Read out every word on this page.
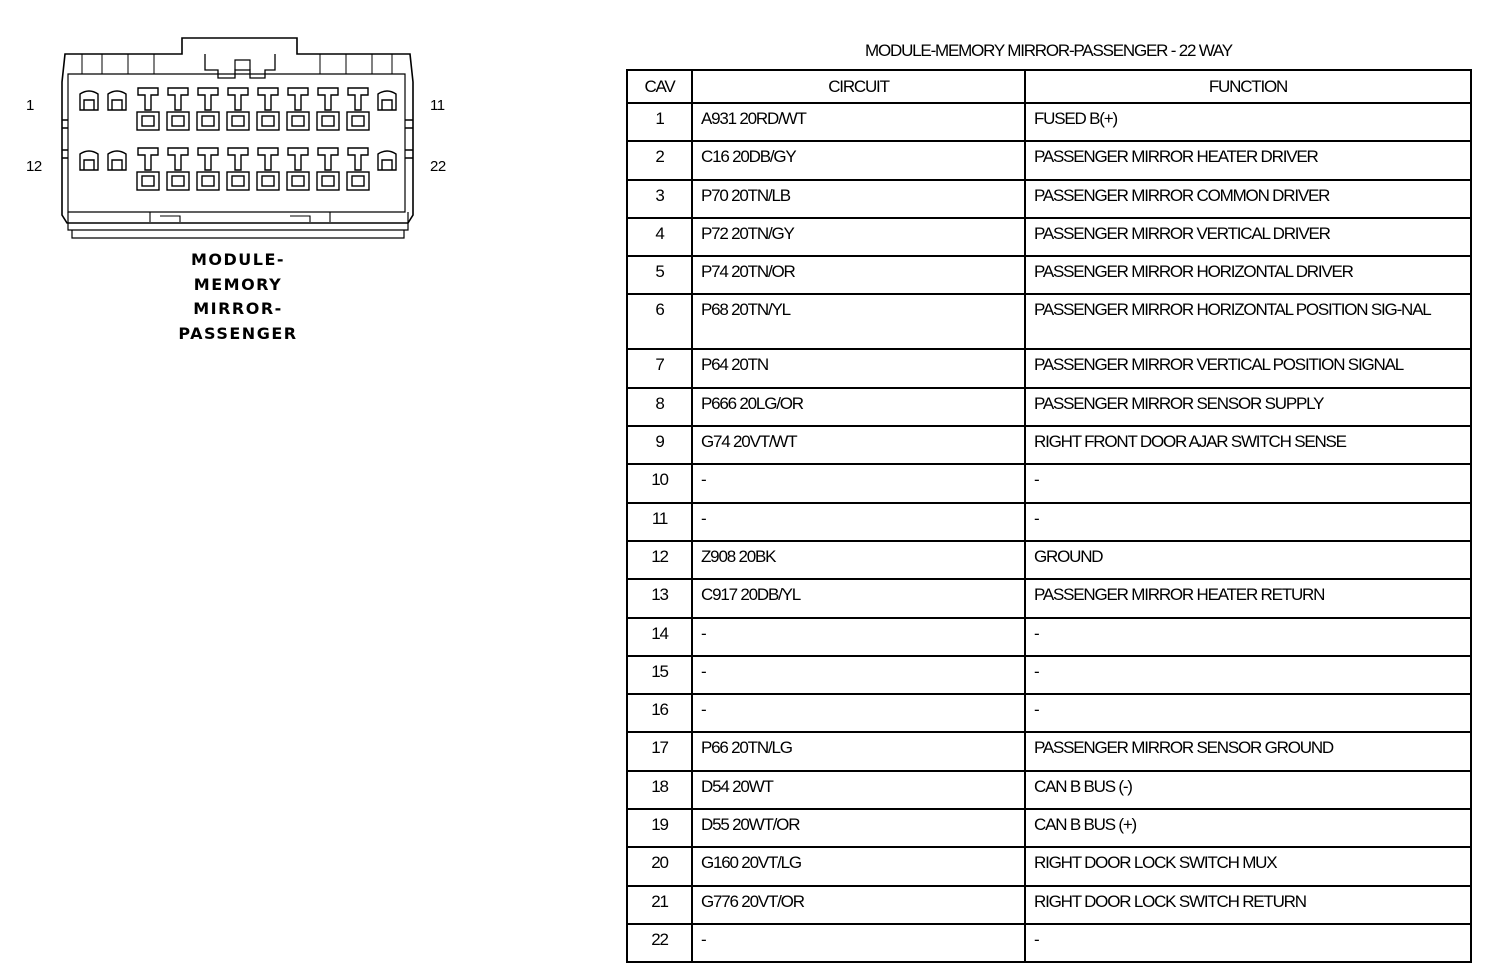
1	11
12	22
MODULE-
MEMORY
MIRROR-
PASSENGER
MODULE-MEMORY MIRROR-PASSENGER - 22 WAY
CAV	CIRCUIT	FUNCTION
1	A931 20RD/WT	FUSED B(+)
2	C16 20DB/GY	PASSENGER MIRROR HEATER DRIVER
3	P70 20TN/LB	PASSENGER MIRROR COMMON DRIVER
4	P72 20TN/GY	PASSENGER MIRROR VERTICAL DRIVER
5	P74 20TN/OR	PASSENGER MIRROR HORIZONTAL DRIVER
6	P68 20TN/YL	PASSENGER MIRROR HORIZONTAL POSITION SIG-NAL
7	P64 20TN	PASSENGER MIRROR VERTICAL POSITION SIGNAL
8	P666 20LG/OR	PASSENGER MIRROR SENSOR SUPPLY
9	G74 20VT/WT	RIGHT FRONT DOOR AJAR SWITCH SENSE
10	-	-
11	-	-
12	Z908 20BK	GROUND
13	C917 20DB/YL	PASSENGER MIRROR HEATER RETURN
14	-	-
15	-	-
16	-	-
17	P66 20TN/LG	PASSENGER MIRROR SENSOR GROUND
18	D54 20WT	CAN B BUS (-)
19	D55 20WT/OR	CAN B BUS (+)
20	G160 20VT/LG	RIGHT DOOR LOCK SWITCH MUX
21	G776 20VT/OR	RIGHT DOOR LOCK SWITCH RETURN
22	-	-
